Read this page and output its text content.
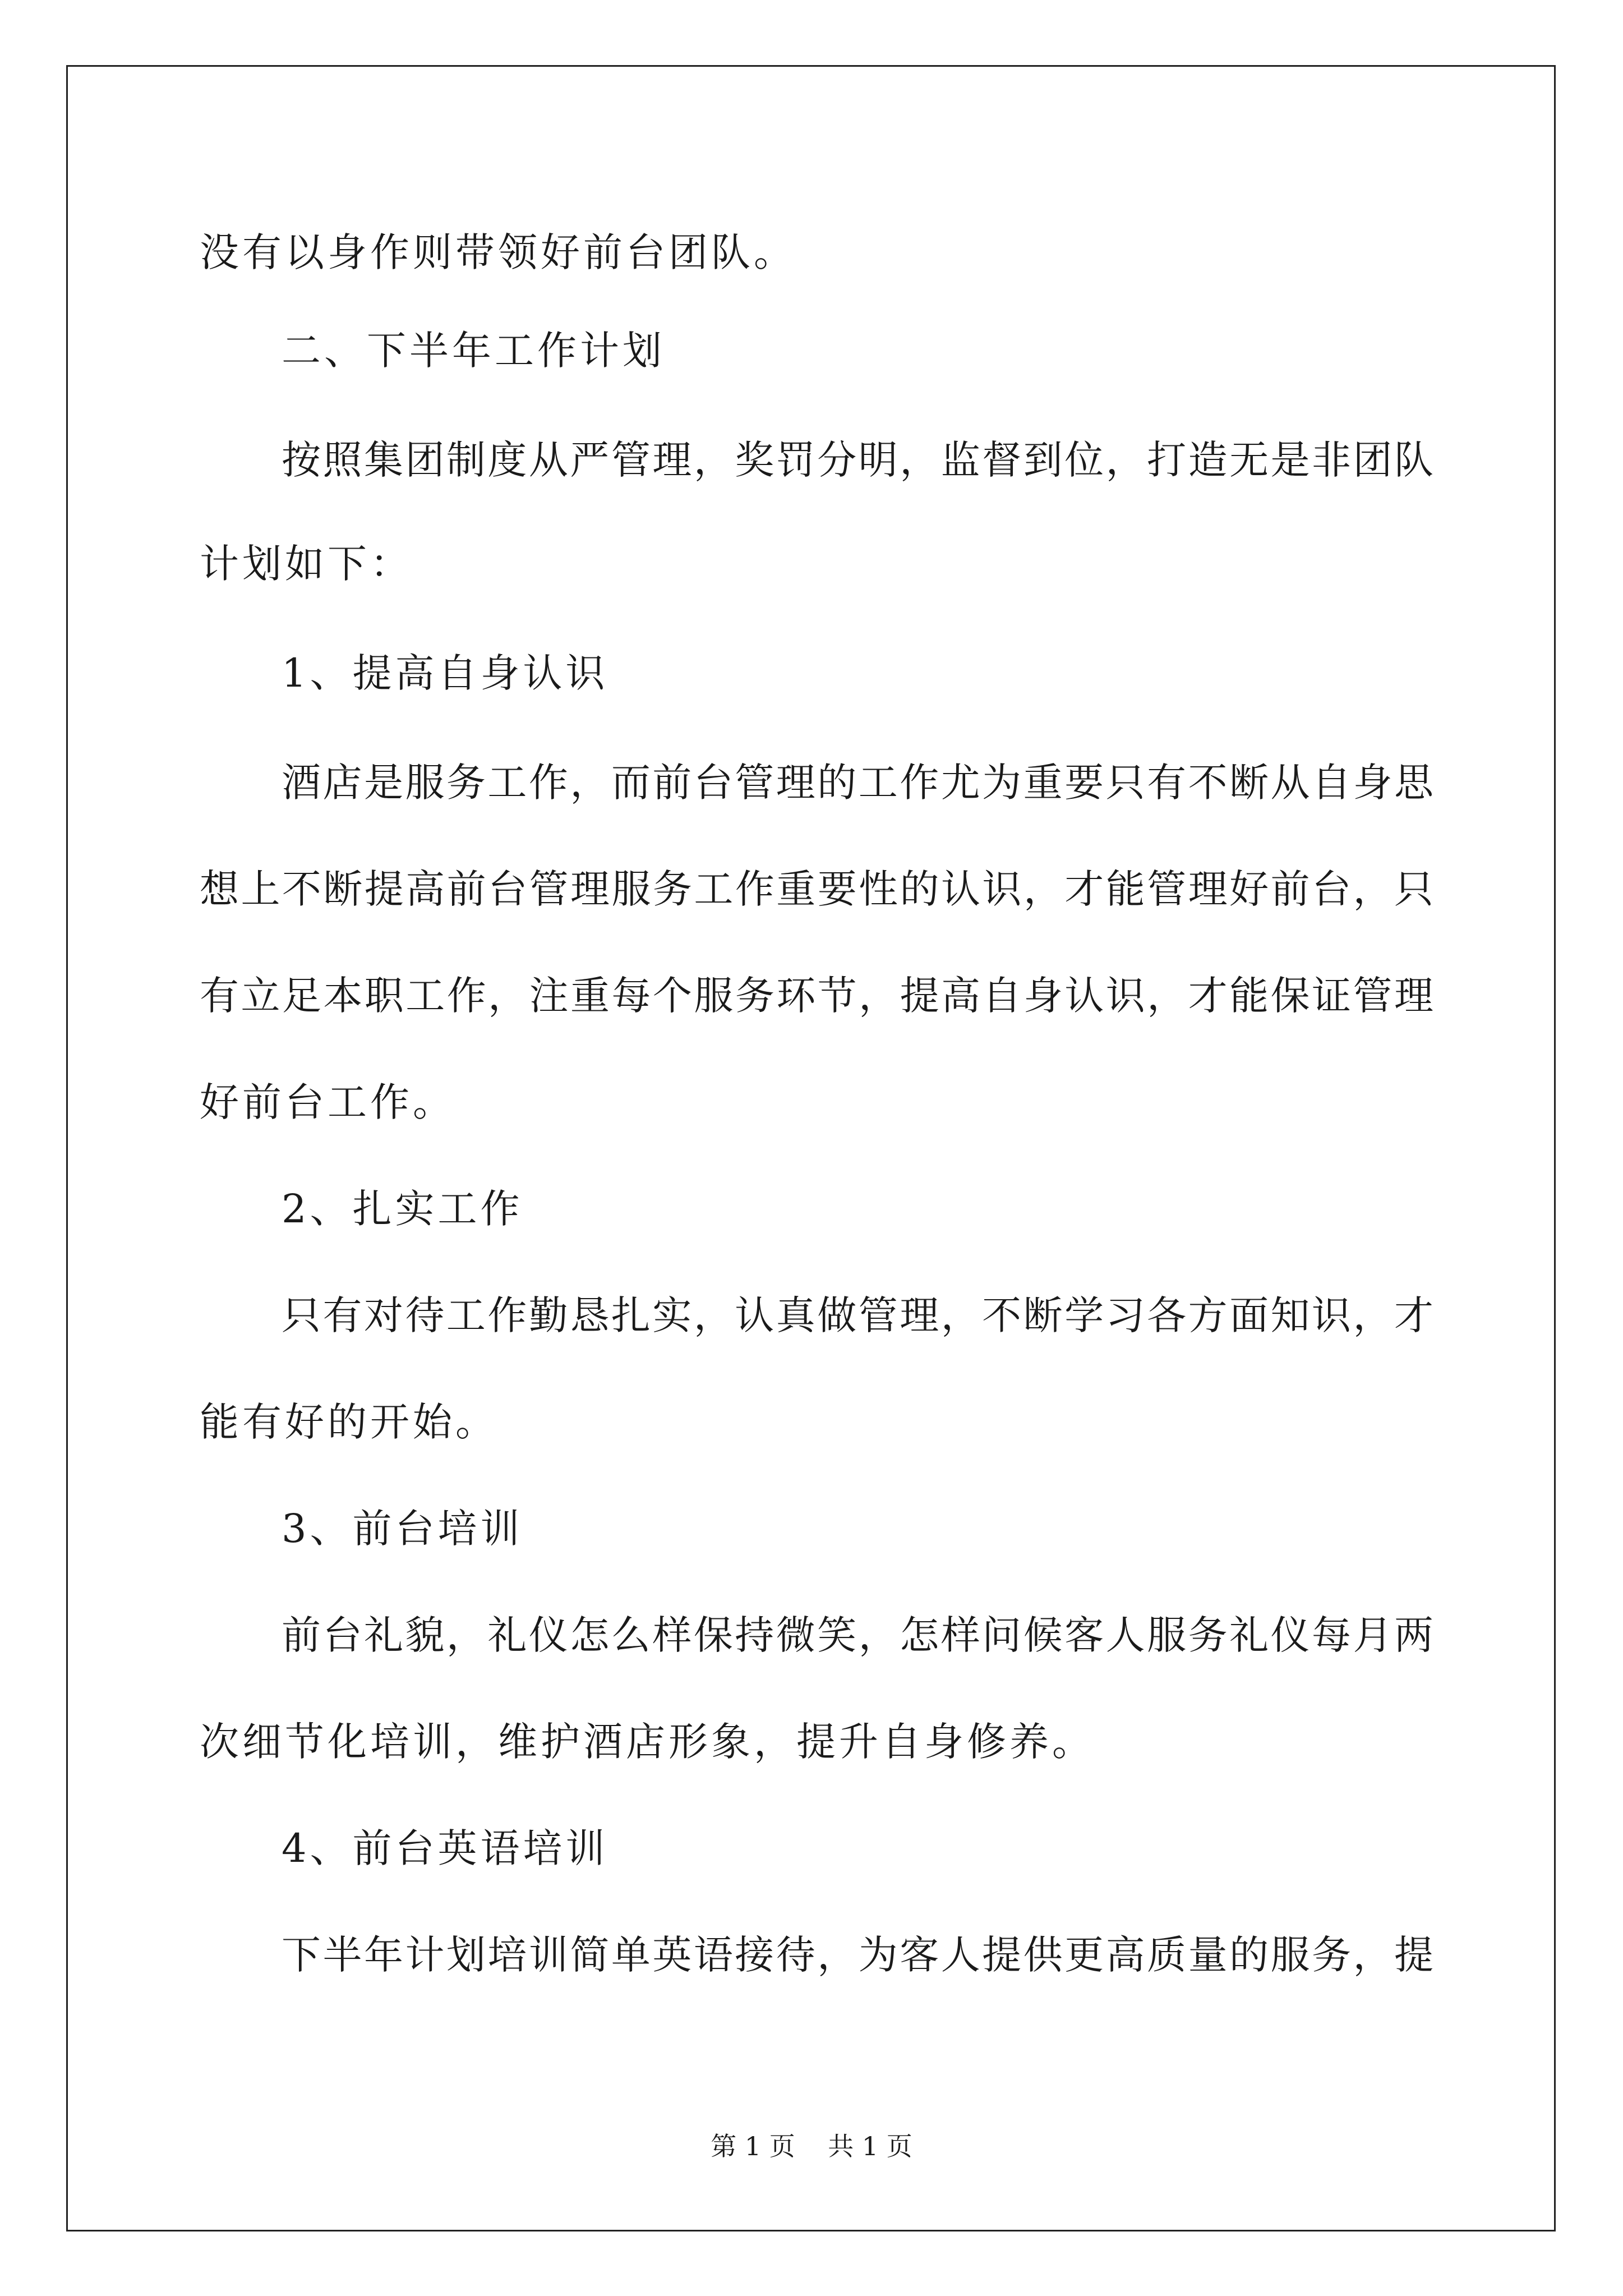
没有以身作则带领好前台团队。
二、下半年工作计划
按照集团制度从严管理，奖罚分明，监督到位，打造无是非团队
计划如下：
1、提高自身认识
酒店是服务工作，而前台管理的工作尤为重要只有不断从自身思
想上不断提高前台管理服务工作重要性的认识，才能管理好前台，只
有立足本职工作，注重每个服务环节，提高自身认识，才能保证管理
好前台工作。
2、扎实工作
只有对待工作勤恳扎实，认真做管理，不断学习各方面知识，才
能有好的开始。
3、前台培训
前台礼貌，礼仪怎么样保持微笑，怎样问候客人服务礼仪每月两
次细节化培训，维护酒店形象，提升自身修养。
4、前台英语培训
下半年计划培训简单英语接待，为客人提供更高质量的服务，提
第 1 页    共 1 页
